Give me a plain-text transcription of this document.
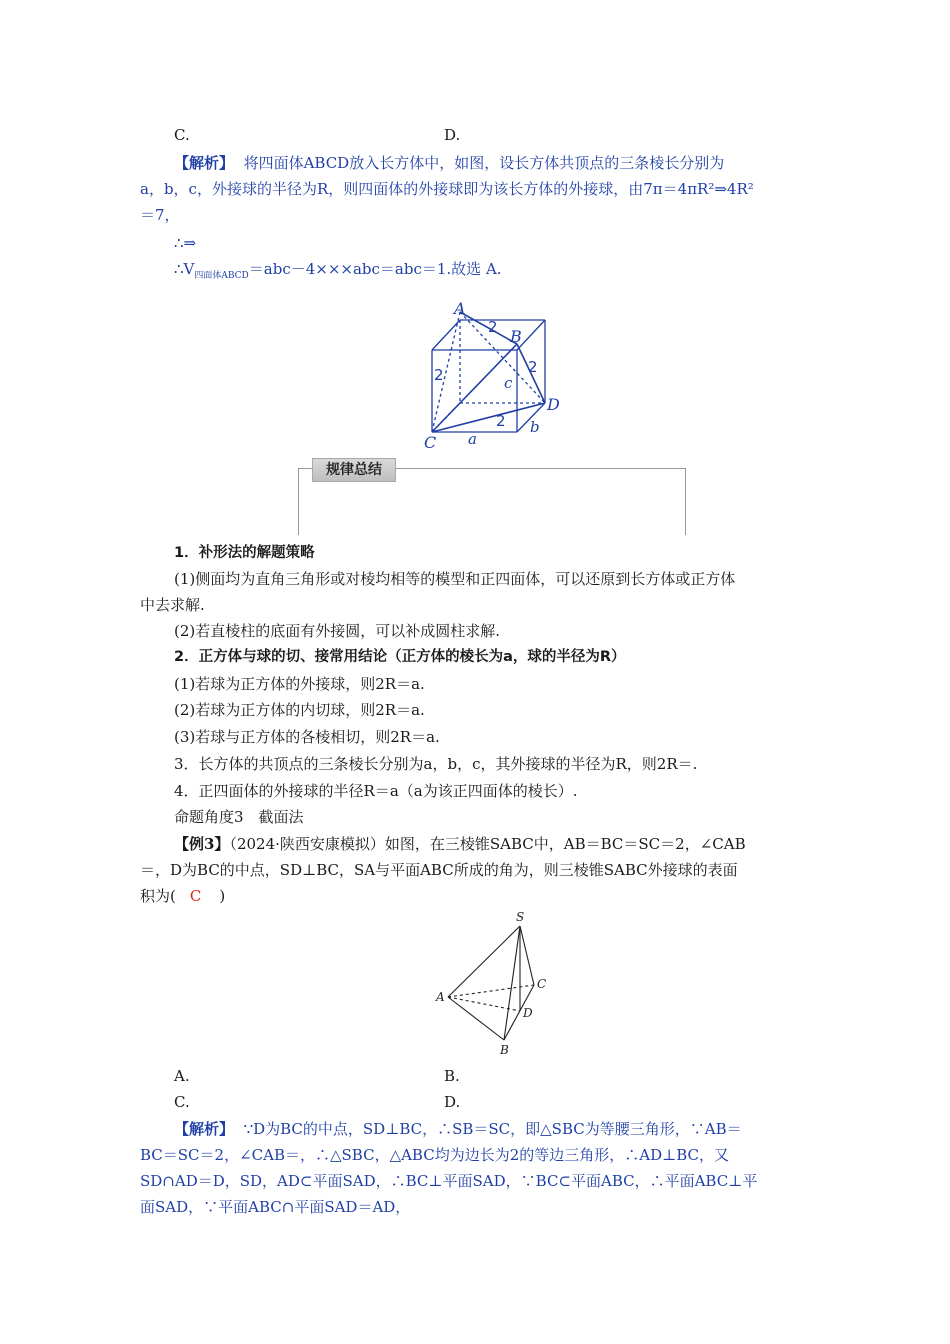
C.	D.
【解析】 将四面体ABCD放入长方体中，如图，设长方体共顶点的三条棱长分别为
a，b，c，外接球的半径为R，则四面体的外接球即为该长方体的外接球，由7π＝4πR²⇒4R²
＝7，
∴⇒
$\therefore V_{四面体ABCD}=abc-4\times\times\times abc=abc=1$.故选 A.
A
B
C
D
a
b
c
2
2	2
2
规律总结
1．补形法的解题策略
(1)侧面均为直角三角形或对棱均相等的模型和正四面体，可以还原到长方体或正方体
中去求解.
(2)若直棱柱的底面有外接圆，可以补成圆柱求解.
2．正方体与球的切、接常用结论（正方体的棱长为a，球的半径为R）
(1)若球为正方体的外接球，则2R＝a.
(2)若球为正方体的内切球，则2R＝a.
(3)若球与正方体的各棱相切，则2R＝a.
3．长方体的共顶点的三条棱长分别为a，b，c，其外接球的半径为R，则2R＝.
4．正四面体的外接球的半径R＝a（a为该正四面体的棱长）.
命题角度3　截面法
【例3】（2024·陕西安康模拟）如图，在三棱锥SABC中，AB＝BC＝SC＝2，∠CAB
＝，D为BC的中点，SD⊥BC，SA与平面ABC所成的角为，则三棱锥SABC外接球的表面
积为( C )
S
A
B
C
D
A.	B.
C.	D.
【解析】 ∵D为BC的中点，SD⊥BC，∴SB＝SC，即△SBC为等腰三角形，∵AB＝
BC＝SC＝2，∠CAB＝，∴△SBC，△ABC均为边长为2的等边三角形，∴AD⊥BC，又
SD∩AD＝D，SD，AD⊂平面SAD，∴BC⊥平面SAD，∵BC⊂平面ABC，∴平面ABC⊥平
面SAD，∵平面ABC∩平面SAD＝AD，
